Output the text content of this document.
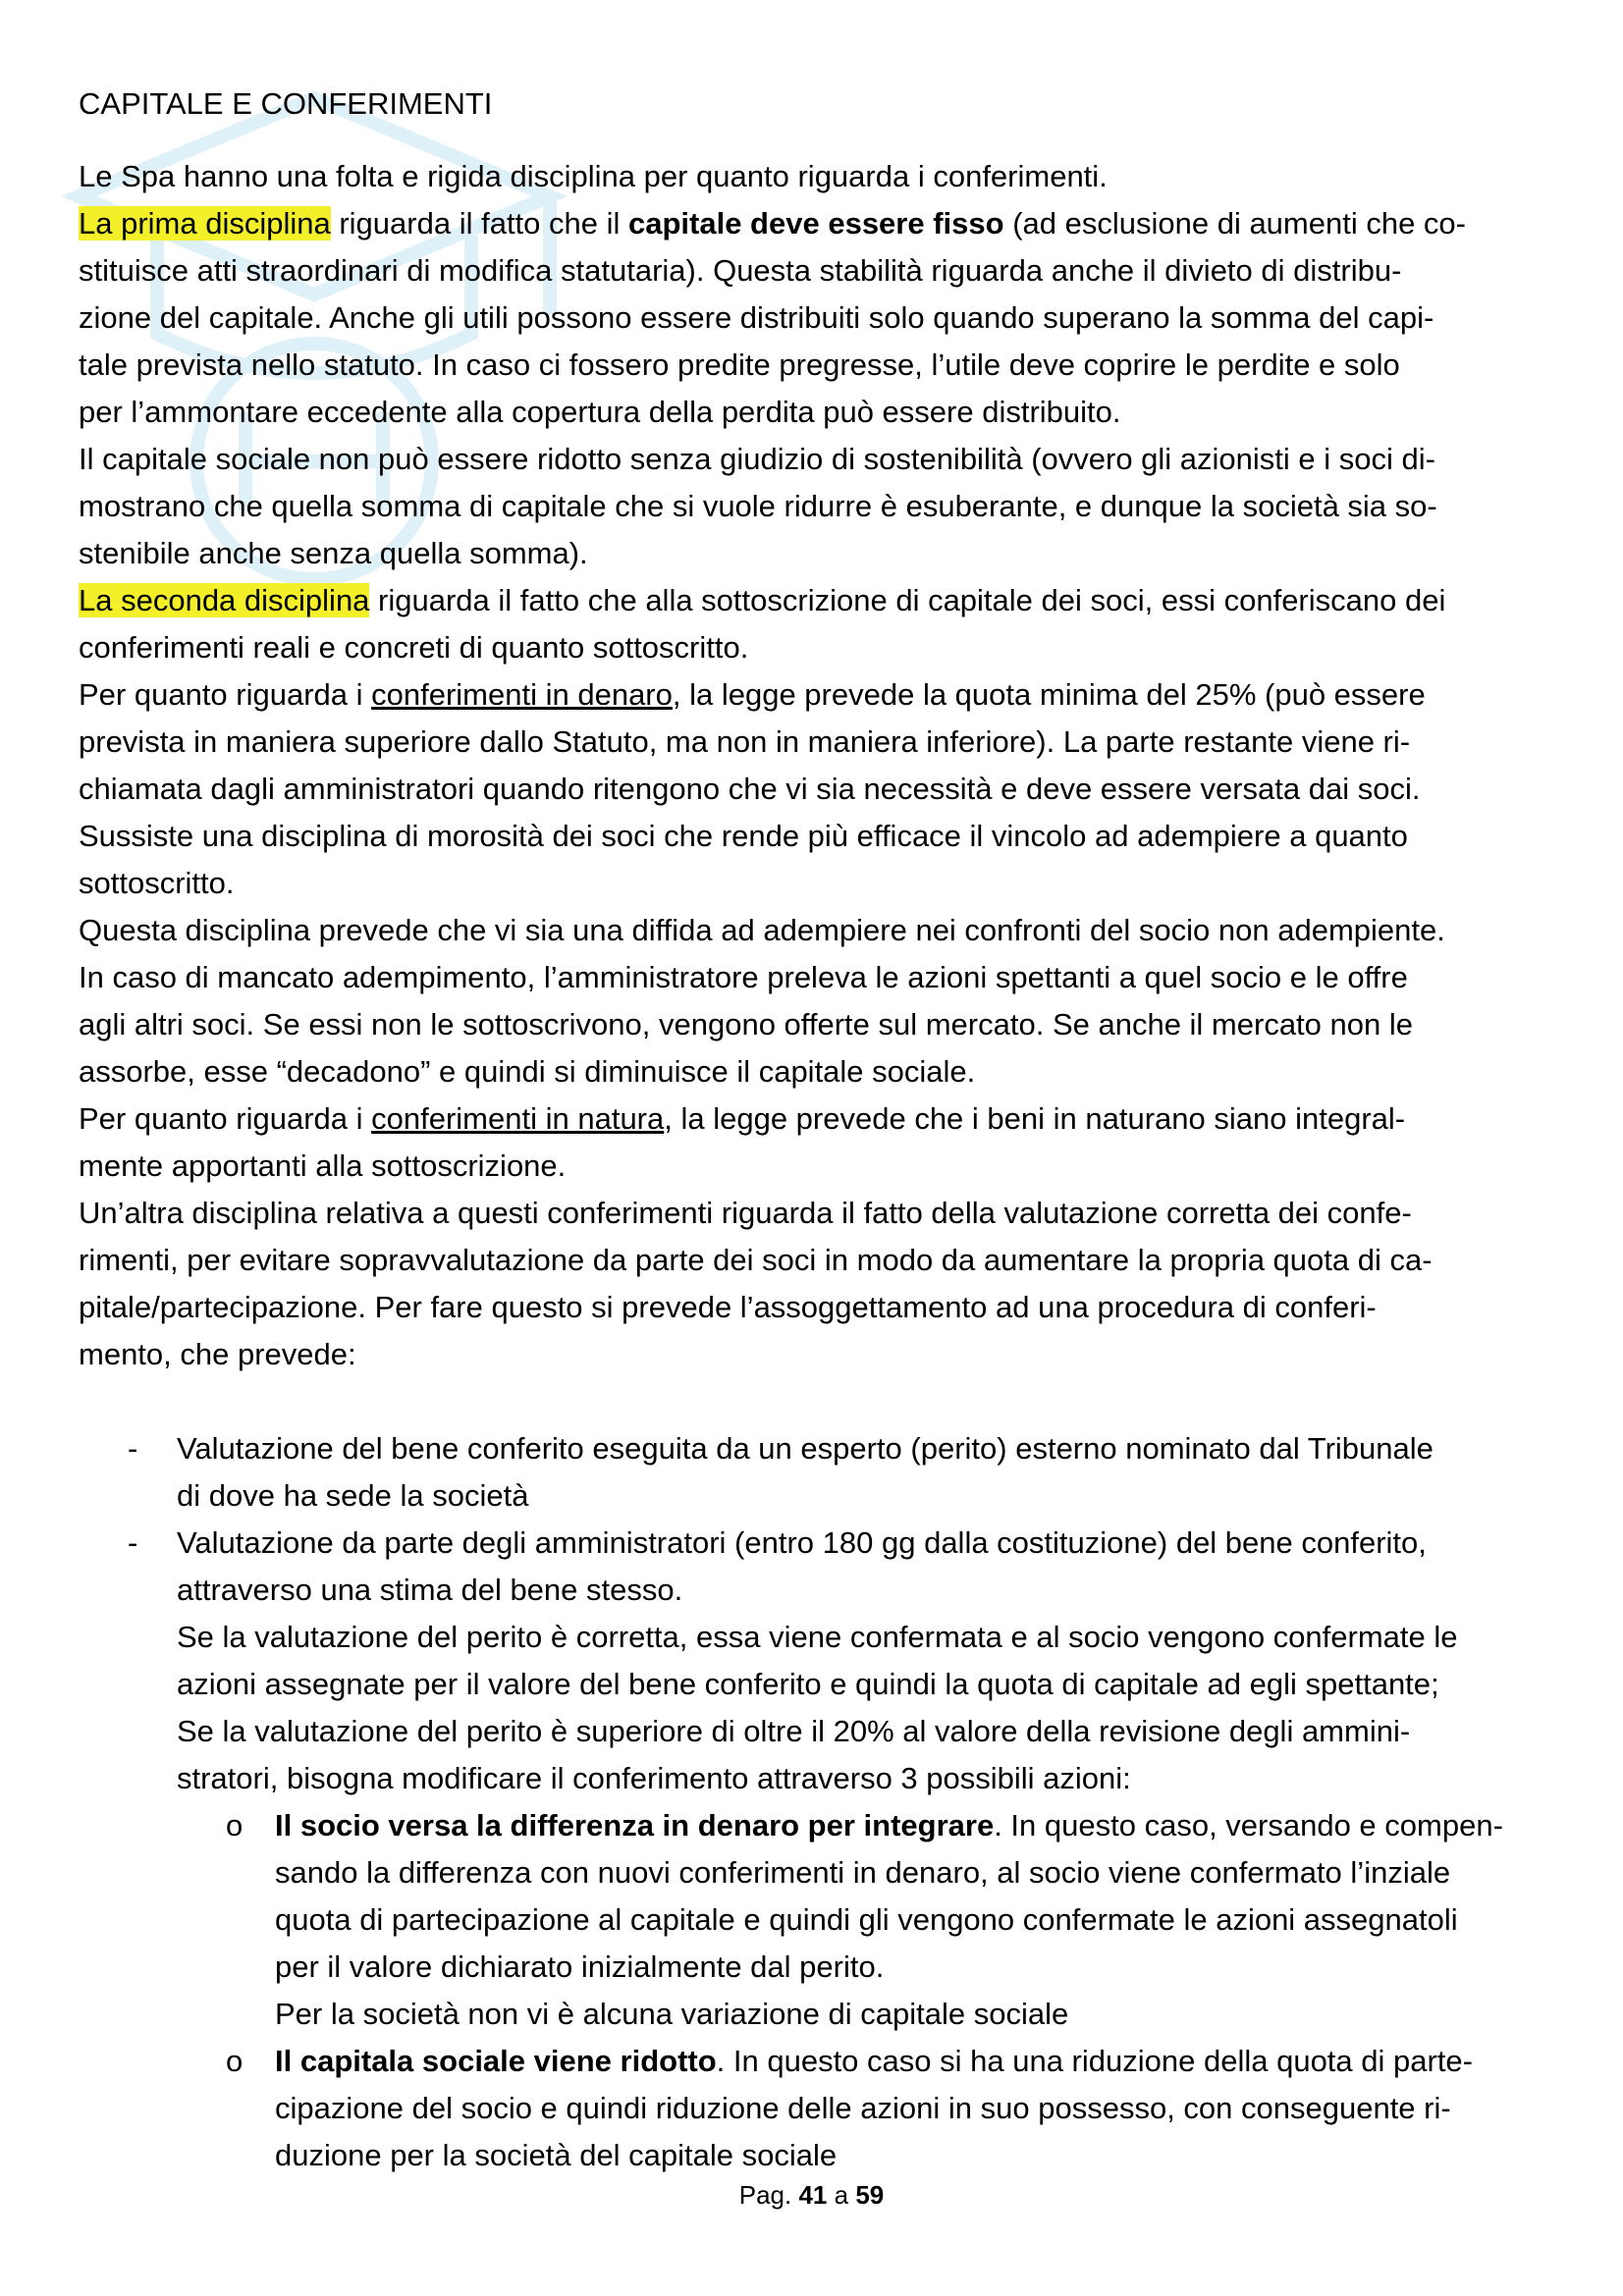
CAPITALE E CONFERIMENTI
Le Spa hanno una folta e rigida disciplina per quanto riguarda i conferimenti.
La prima disciplina riguarda il fatto che il capitale deve essere fisso (ad esclusione di aumenti che co-
stituisce atti straordinari di modifica statutaria). Questa stabilità riguarda anche il divieto di distribu-
zione del capitale. Anche gli utili possono essere distribuiti solo quando superano la somma del capi-
tale prevista nello statuto. In caso ci fossero predite pregresse, l’utile deve coprire le perdite e solo
per l’ammontare eccedente alla copertura della perdita può essere distribuito.
Il capitale sociale non può essere ridotto senza giudizio di sostenibilità (ovvero gli azionisti e i soci di-
mostrano che quella somma di capitale che si vuole ridurre è esuberante, e dunque la società sia so-
stenibile anche senza quella somma).
La seconda disciplina riguarda il fatto che alla sottoscrizione di capitale dei soci, essi conferiscano dei
conferimenti reali e concreti di quanto sottoscritto.
Per quanto riguarda i conferimenti in denaro, la legge prevede la quota minima del 25% (può essere
prevista in maniera superiore dallo Statuto, ma non in maniera inferiore). La parte restante viene ri-
chiamata dagli amministratori quando ritengono che vi sia necessità e deve essere versata dai soci.
Sussiste una disciplina di morosità dei soci che rende più efficace il vincolo ad adempiere a quanto
sottoscritto.
Questa disciplina prevede che vi sia una diffida ad adempiere nei confronti del socio non adempiente.
In caso di mancato adempimento, l’amministratore preleva le azioni spettanti a quel socio e le offre
agli altri soci. Se essi non le sottoscrivono, vengono offerte sul mercato. Se anche il mercato non le
assorbe, esse “decadono” e quindi si diminuisce il capitale sociale.
Per quanto riguarda i conferimenti in natura, la legge prevede che i beni in naturano siano integral-
mente apportanti alla sottoscrizione.
Un’altra disciplina relativa a questi conferimenti riguarda il fatto della valutazione corretta dei confe-
rimenti, per evitare sopravvalutazione da parte dei soci in modo da aumentare la propria quota di ca-
pitale/partecipazione. Per fare questo si prevede l’assoggettamento ad una procedura di conferi-
mento, che prevede:
- Valutazione del bene conferito eseguita da un esperto (perito) esterno nominato dal Tribunale
di dove ha sede la società
- Valutazione da parte degli amministratori (entro 180 gg dalla costituzione) del bene conferito,
attraverso una stima del bene stesso.
Se la valutazione del perito è corretta, essa viene confermata e al socio vengono confermate le
azioni assegnate per il valore del bene conferito e quindi la quota di capitale ad egli spettante;
Se la valutazione del perito è superiore di oltre il 20% al valore della revisione degli ammini-
stratori, bisogna modificare il conferimento attraverso 3 possibili azioni:
o Il socio versa la differenza in denaro per integrare. In questo caso, versando e compen-
sando la differenza con nuovi conferimenti in denaro, al socio viene confermato l’inziale
quota di partecipazione al capitale e quindi gli vengono confermate le azioni assegnatoli
per il valore dichiarato inizialmente dal perito.
Per la società non vi è alcuna variazione di capitale sociale
o Il capitala sociale viene ridotto. In questo caso si ha una riduzione della quota di parte-
cipazione del socio e quindi riduzione delle azioni in suo possesso, con conseguente ri-
duzione per la società del capitale sociale
Pag. 41 a 59
